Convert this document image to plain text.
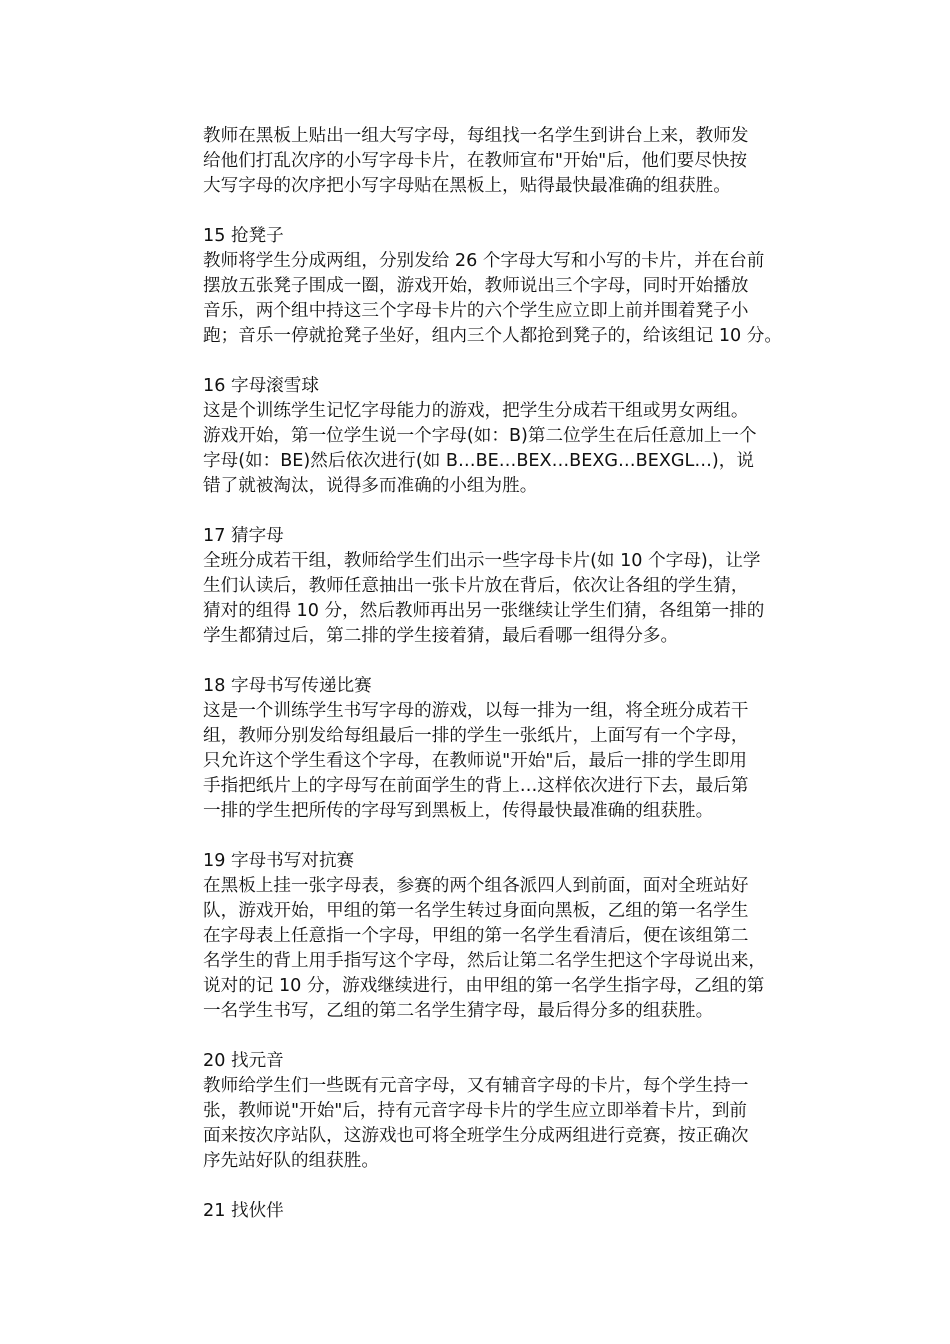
教师在黑板上贴出一组大写字母，每组找一名学生到讲台上来，教师发
给他们打乱次序的小写字母卡片，在教师宣布"开始"后，他们要尽快按
大写字母的次序把小写字母贴在黑板上，贴得最快最准确的组获胜。
15 抢凳子
教师将学生分成两组，分别发给 26 个字母大写和小写的卡片，并在台前
摆放五张凳子围成一圈，游戏开始，教师说出三个字母，同时开始播放
音乐，两个组中持这三个字母卡片的六个学生应立即上前并围着凳子小
跑；音乐一停就抢凳子坐好，组内三个人都抢到凳子的，给该组记 10 分。
16 字母滚雪球
这是个训练学生记忆字母能力的游戏，把学生分成若干组或男女两组。
游戏开始，第一位学生说一个字母(如：B)第二位学生在后任意加上一个
字母(如：BE)然后依次进行(如 B…BE…BEX…BEXG…BEXGL…)，说
错了就被淘汰，说得多而准确的小组为胜。
17 猜字母
全班分成若干组，教师给学生们出示一些字母卡片(如 10 个字母)，让学
生们认读后，教师任意抽出一张卡片放在背后，依次让各组的学生猜，
猜对的组得 10 分，然后教师再出另一张继续让学生们猜，各组第一排的
学生都猜过后，第二排的学生接着猜，最后看哪一组得分多。
18 字母书写传递比赛
这是一个训练学生书写字母的游戏，以每一排为一组，将全班分成若干
组，教师分别发给每组最后一排的学生一张纸片，上面写有一个字母，
只允许这个学生看这个字母，在教师说"开始"后，最后一排的学生即用
手指把纸片上的字母写在前面学生的背上…这样依次进行下去，最后第
一排的学生把所传的字母写到黑板上，传得最快最准确的组获胜。
19 字母书写对抗赛
在黑板上挂一张字母表，参赛的两个组各派四人到前面，面对全班站好
队，游戏开始，甲组的第一名学生转过身面向黑板，乙组的第一名学生
在字母表上任意指一个字母，甲组的第一名学生看清后，便在该组第二
名学生的背上用手指写这个字母，然后让第二名学生把这个字母说出来，
说对的记 10 分，游戏继续进行，由甲组的第一名学生指字母，乙组的第
一名学生书写，乙组的第二名学生猜字母，最后得分多的组获胜。
20 找元音
教师给学生们一些既有元音字母，又有辅音字母的卡片，每个学生持一
张，教师说"开始"后，持有元音字母卡片的学生应立即举着卡片，到前
面来按次序站队，这游戏也可将全班学生分成两组进行竞赛，按正确次
序先站好队的组获胜。
21 找伙伴
